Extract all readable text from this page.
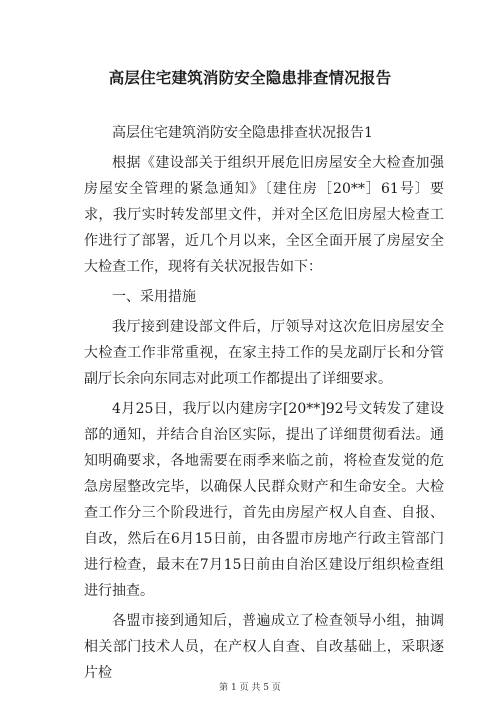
高层住宅建筑消防安全隐患排查情况报告

高层住宅建筑消防安全隐患排查状况报告1

根据《建设部关于组织开展危旧房屋安全大检查加强房屋安全管理的紧急通知》〔建住房［20**］61号〕要求，我厅实时转发部里文件，并对全区危旧房屋大检查工作进行了部署，近几个月以来，全区全面开展了房屋安全大检查工作，现将有关状况报告如下：

一、采用措施

我厅接到建设部文件后，厅领导对这次危旧房屋安全大检查工作非常重视，在家主持工作的吴龙副厅长和分管副厅长余向东同志对此项工作都提出了详细要求。

4月25日，我厅以内建房字[20**]92号文转发了建设部的通知，并结合自治区实际，提出了详细贯彻看法。通知明确要求，各地需要在雨季来临之前，将检查发觉的危急房屋整改完毕，以确保人民群众财产和生命安全。大检查工作分三个阶段进行，首先由房屋产权人自查、自报、自改，然后在6月15日前，由各盟市房地产行政主管部门进行检查，最末在7月15日前由自治区建设厅组织检查组进行抽查。

各盟市接到通知后，普遍成立了检查领导小组，抽调相关部门技术人员，在产权人自查、自改基础上，采职逐片检

第 1 页 共 5 页
